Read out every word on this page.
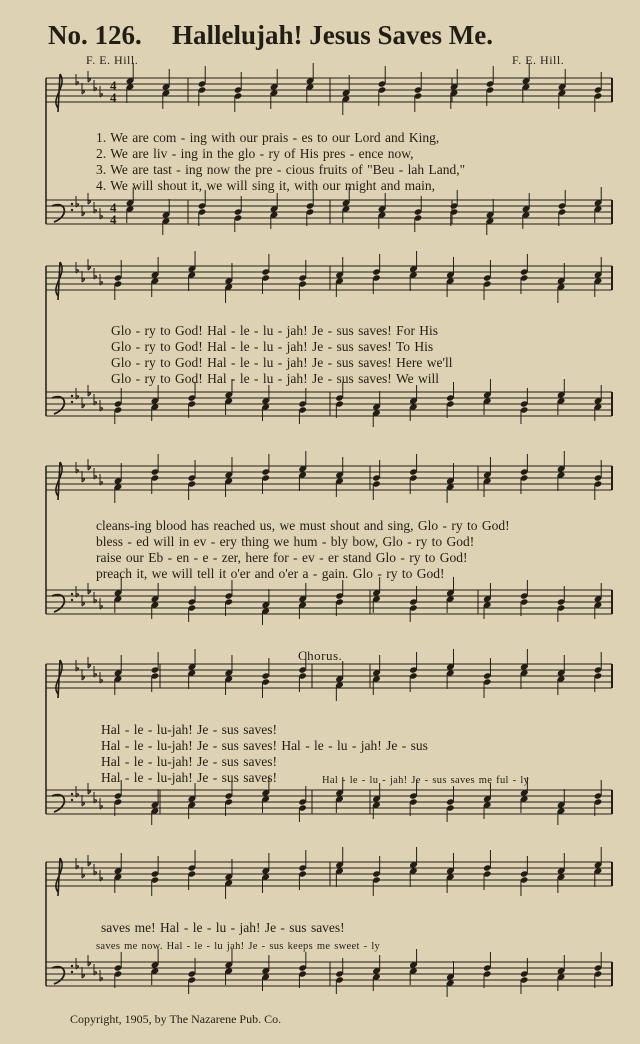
No. 126. Hallelujah! Jesus Saves Me.
F. E. Hill.	F. E. Hill.
Chorus.
4
4
4
4
1. We are com - ing with our prais - es to our Lord and King,
2. We are liv - ing in the glo - ry of His pres - ence now,
3. We are tast - ing now the pre - cious fruits of "Beu - lah Land,"
4. We will shout it, we will sing it, with our might and main,
Glo - ry to God! Hal - le - lu - jah! Je - sus saves! For His
Glo - ry to God! Hal - le - lu - jah! Je - sus saves! To His
Glo - ry to God! Hal - le - lu - jah! Je - sus saves! Here we'll
Glo - ry to God! Hal - le - lu - jah! Je - sus saves! We will
cleans-ing blood has reached us, we must shout and sing, Glo - ry to God!
bless - ed will in ev - ery thing we hum - bly bow, Glo - ry to God!
raise our Eb - en - e - zer, here for - ev - er stand Glo - ry to God!
preach it, we will tell it o'er and o'er a - gain. Glo - ry to God!
Hal - le - lu-jah! Je - sus saves!
Hal - le - lu-jah! Je - sus saves! Hal - le - lu - jah! Je - sus
Hal - le - lu-jah! Je - sus saves!
Hal - le - lu-jah! Je - sus saves!	Hal - le - lu - jah! Je - sus saves me ful - ly
saves me! Hal - le - lu - jah! Je - sus saves!
saves me now. Hal - le - lu jah! Je - sus keeps me sweet - ly
Copyright, 1905, by The Nazarene Pub. Co.
